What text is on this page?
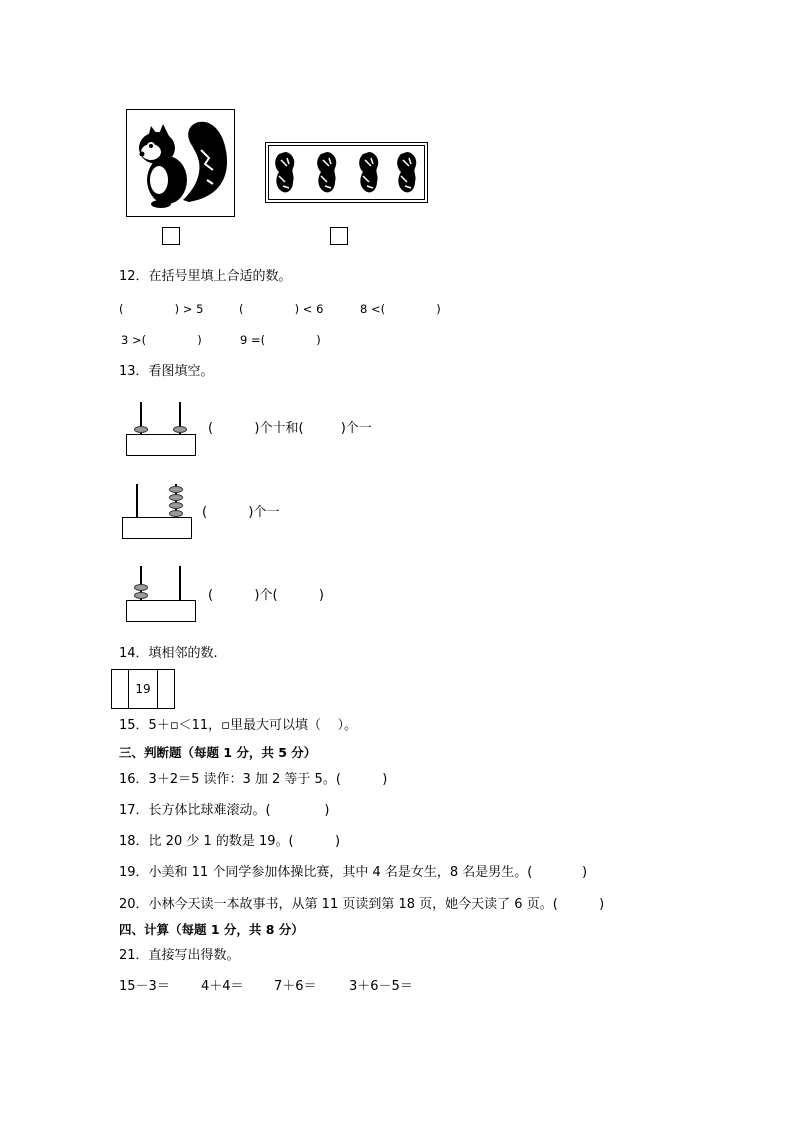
12．在括号里填上合适的数。
(              ) > 5	(              ) < 6	8 <(              )
3 >(              )	9 =(              )
13．看图填空。
(          )个十和(         )个一
(          )个一
(          )个(          )
14．填相邻的数.
19
15．5＋▫＜11，▫里最大可以填（    ）。
三、判断题（每题 1 分，共 5 分）
16．3＋2＝5 读作：3 加 2 等于 5。(          )
17．长方体比球难滚动。(             )
18．比 20 少 1 的数是 19。(          )
19．小美和 11 个同学参加体操比赛，其中 4 名是女生，8 名是男生。(            )
20．小林今天读一本故事书，从第 11 页读到第 18 页，她今天读了 6 页。(          )
四、计算（每题 1 分，共 8 分）
21．直接写出得数。
15－3＝ 4＋4＝ 7＋6＝ 3＋6－5＝
